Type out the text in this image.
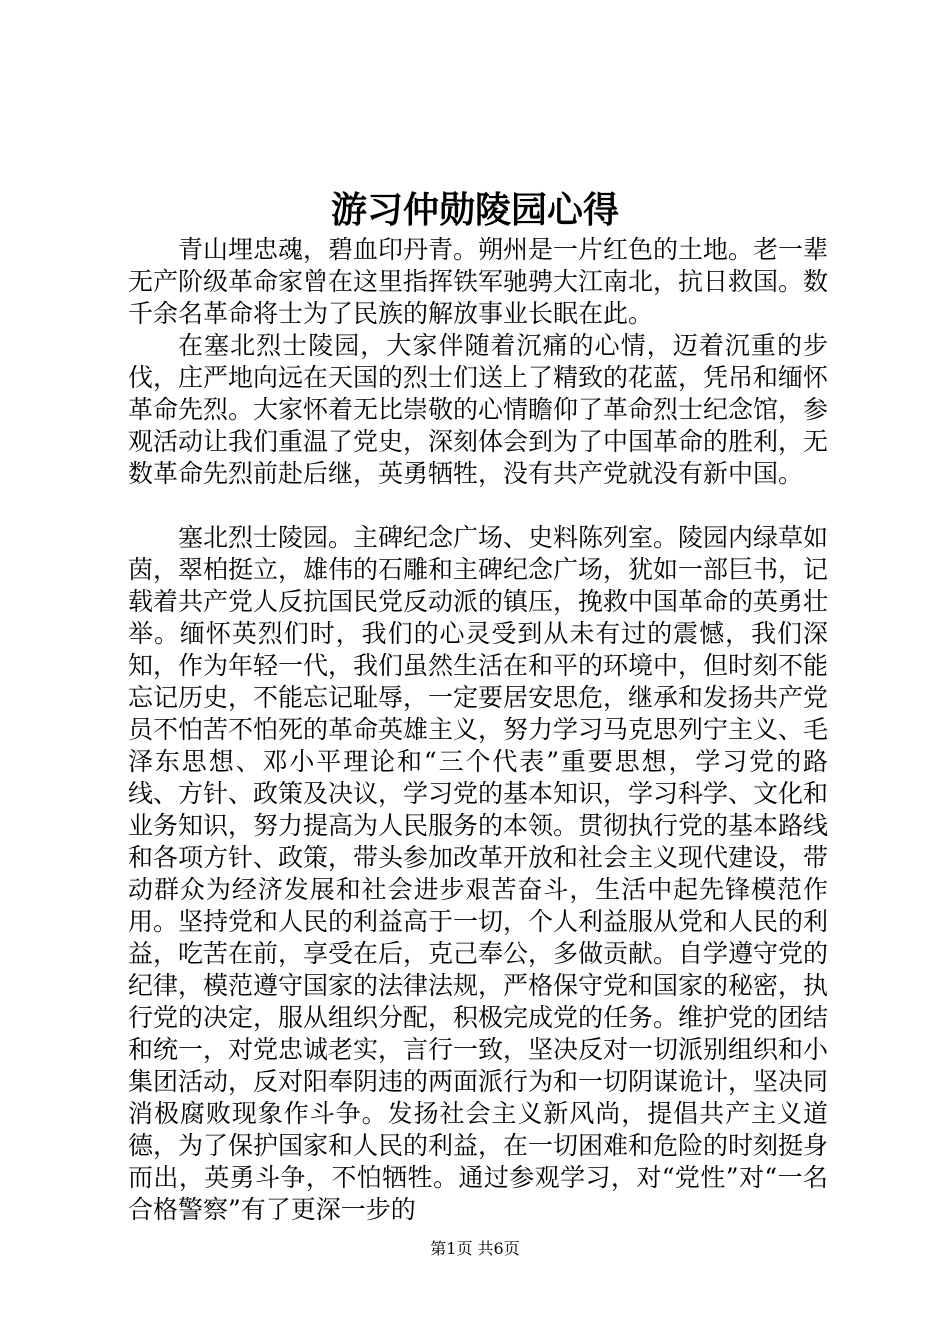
游习仲勋陵园心得

青山埋忠魂，碧血印丹青。朔州是一片红色的土地。老一辈无产阶级革命家曾在这里指挥铁军驰骋大江南北，抗日救国。数千余名革命将士为了民族的解放事业长眠在此。

在塞北烈士陵园，大家伴随着沉痛的心情，迈着沉重的步伐，庄严地向远在天国的烈士们送上了精致的花蓝，凭吊和缅怀革命先烈。大家怀着无比崇敬的心情瞻仰了革命烈士纪念馆，参观活动让我们重温了党史，深刻体会到为了中国革命的胜利，无数革命先烈前赴后继，英勇牺牲，没有共产党就没有新中国。

塞北烈士陵园。主碑纪念广场、史料陈列室。陵园内绿草如茵，翠柏挺立，雄伟的石雕和主碑纪念广场，犹如一部巨书，记载着共产党人反抗国民党反动派的镇压，挽救中国革命的英勇壮举。缅怀英烈们时，我们的心灵受到从未有过的震憾，我们深知，作为年轻一代，我们虽然生活在和平的环境中，但时刻不能忘记历史，不能忘记耻辱，一定要居安思危，继承和发扬共产党员不怕苦不怕死的革命英雄主义，努力学习马克思列宁主义、毛泽东思想、邓小平理论和“三个代表”重要思想，学习党的路线、方针、政策及决议，学习党的基本知识，学习科学、文化和业务知识，努力提高为人民服务的本领。贯彻执行党的基本路线和各项方针、政策，带头参加改革开放和社会主义现代建设，带动群众为经济发展和社会进步艰苦奋斗，生活中起先锋模范作用。坚持党和人民的利益高于一切，个人利益服从党和人民的利益，吃苦在前，享受在后，克己奉公，多做贡献。自学遵守党的纪律，模范遵守国家的法律法规，严格保守党和国家的秘密，执行党的决定，服从组织分配，积极完成党的任务。维护党的团结和统一，对党忠诚老实，言行一致，坚决反对一切派别组织和小集团活动，反对阳奉阴违的两面派行为和一切阴谋诡计，坚决同消极腐败现象作斗争。发扬社会主义新风尚，提倡共产主义道德，为了保护国家和人民的利益，在一切困难和危险的时刻挺身而出，英勇斗争，不怕牺牲。通过参观学习，对“党性”对“一名合格警察”有了更深一步的

第1页 共6页
